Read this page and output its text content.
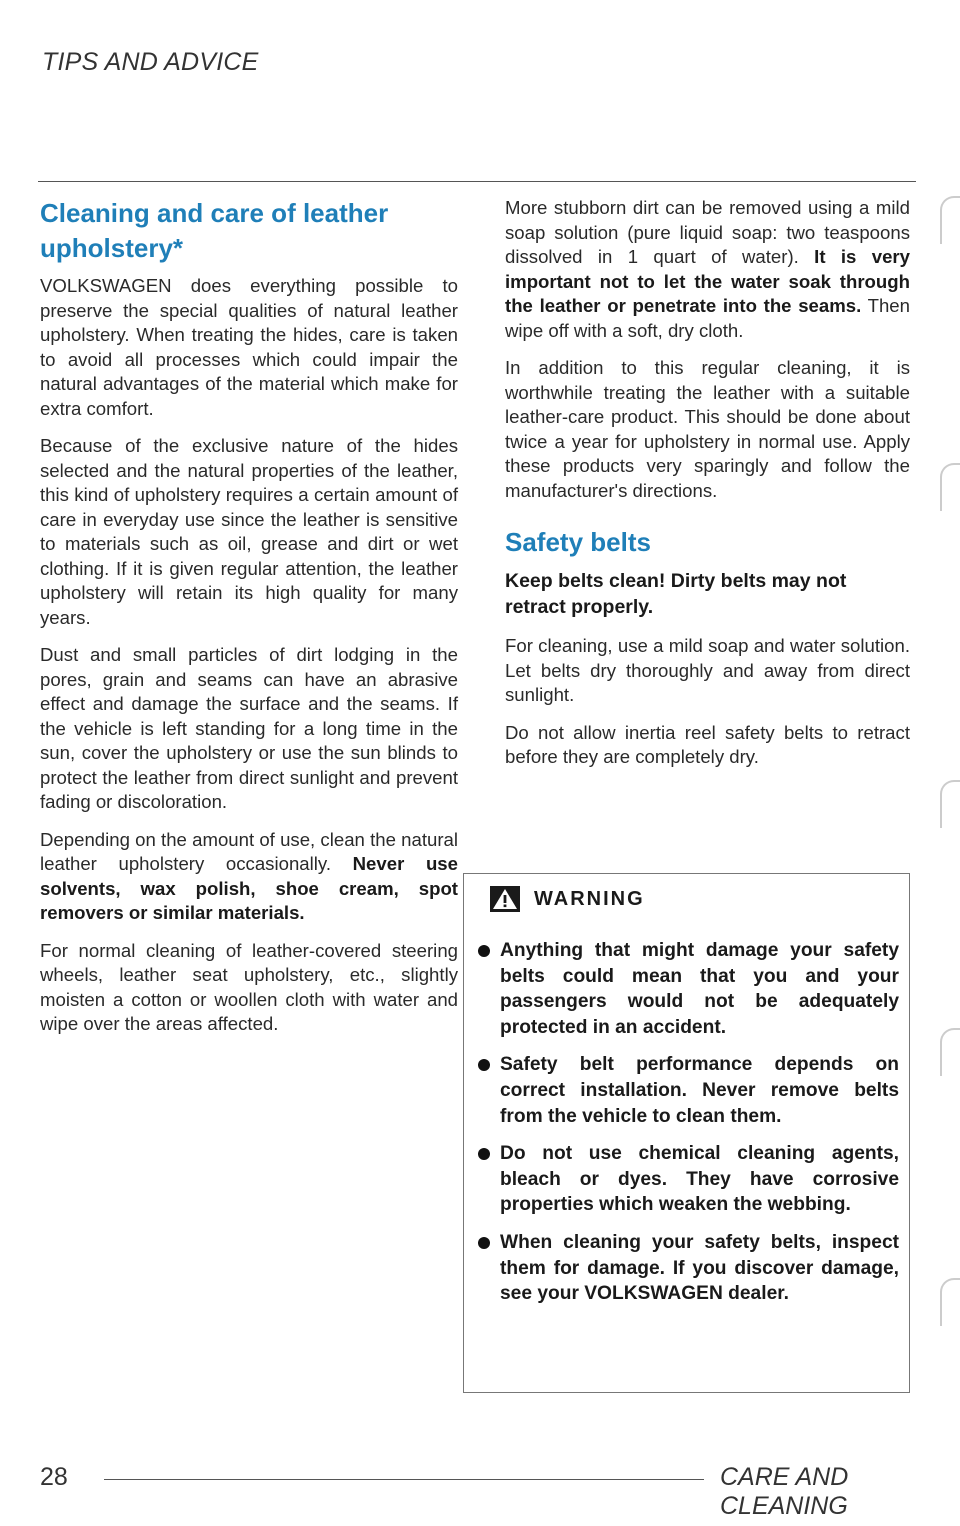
TIPS AND ADVICE
Cleaning and care of leather upholstery*

VOLKSWAGEN does everything possible to preserve the special qualities of natural leather upholstery. When treating the hides, care is taken to avoid all processes which could impair the natural advantages of the material which make for extra comfort.

Because of the exclusive nature of the hides selected and the natural properties of the leather, this kind of upholstery requires a certain amount of care in everyday use since the leather is sensitive to materials such as oil, grease and dirt or wet clothing. If it is given regular attention, the leather upholstery will retain its high quality for many years.

Dust and small particles of dirt lodging in the pores, grain and seams can have an abrasive effect and damage the surface and the seams. If the vehicle is left standing for a long time in the sun, cover the upholstery or use the sun blinds to protect the leather from direct sunlight and prevent fading or discoloration.

Depending on the amount of use, clean the natural leather upholstery occasionally. Never use solvents, wax polish, shoe cream, spot removers or similar materials.

For normal cleaning of leather-covered steering wheels, leather seat upholstery, etc., slightly moisten a cotton or woollen cloth with water and wipe over the areas affected.

More stubborn dirt can be removed using a mild soap solution (pure liquid soap: two teaspoons dissolved in 1 quart of water). It is very important not to let the water soak through the leather or penetrate into the seams. Then wipe off with a soft, dry cloth.

In addition to this regular cleaning, it is worthwhile treating the leather with a suitable leather-care product. This should be done about twice a year for upholstery in normal use. Apply these products very sparingly and follow the manufacturer's directions.

Safety belts
Keep belts clean! Dirty belts may not retract properly.

For cleaning, use a mild soap and water solution. Let belts dry thoroughly and away from direct sunlight.

Do not allow inertia reel safety belts to retract before they are completely dry.

WARNING
Anything that might damage your safety belts could mean that you and your passengers would not be adequately protected in an accident.
Safety belt performance depends on correct installation. Never remove belts from the vehicle to clean them.
Do not use chemical cleaning agents, bleach or dyes. They have corrosive properties which weaken the webbing.
When cleaning your safety belts, inspect them for damage. If you discover damage, see your VOLKSWAGEN dealer.
28	CARE AND CLEANING
